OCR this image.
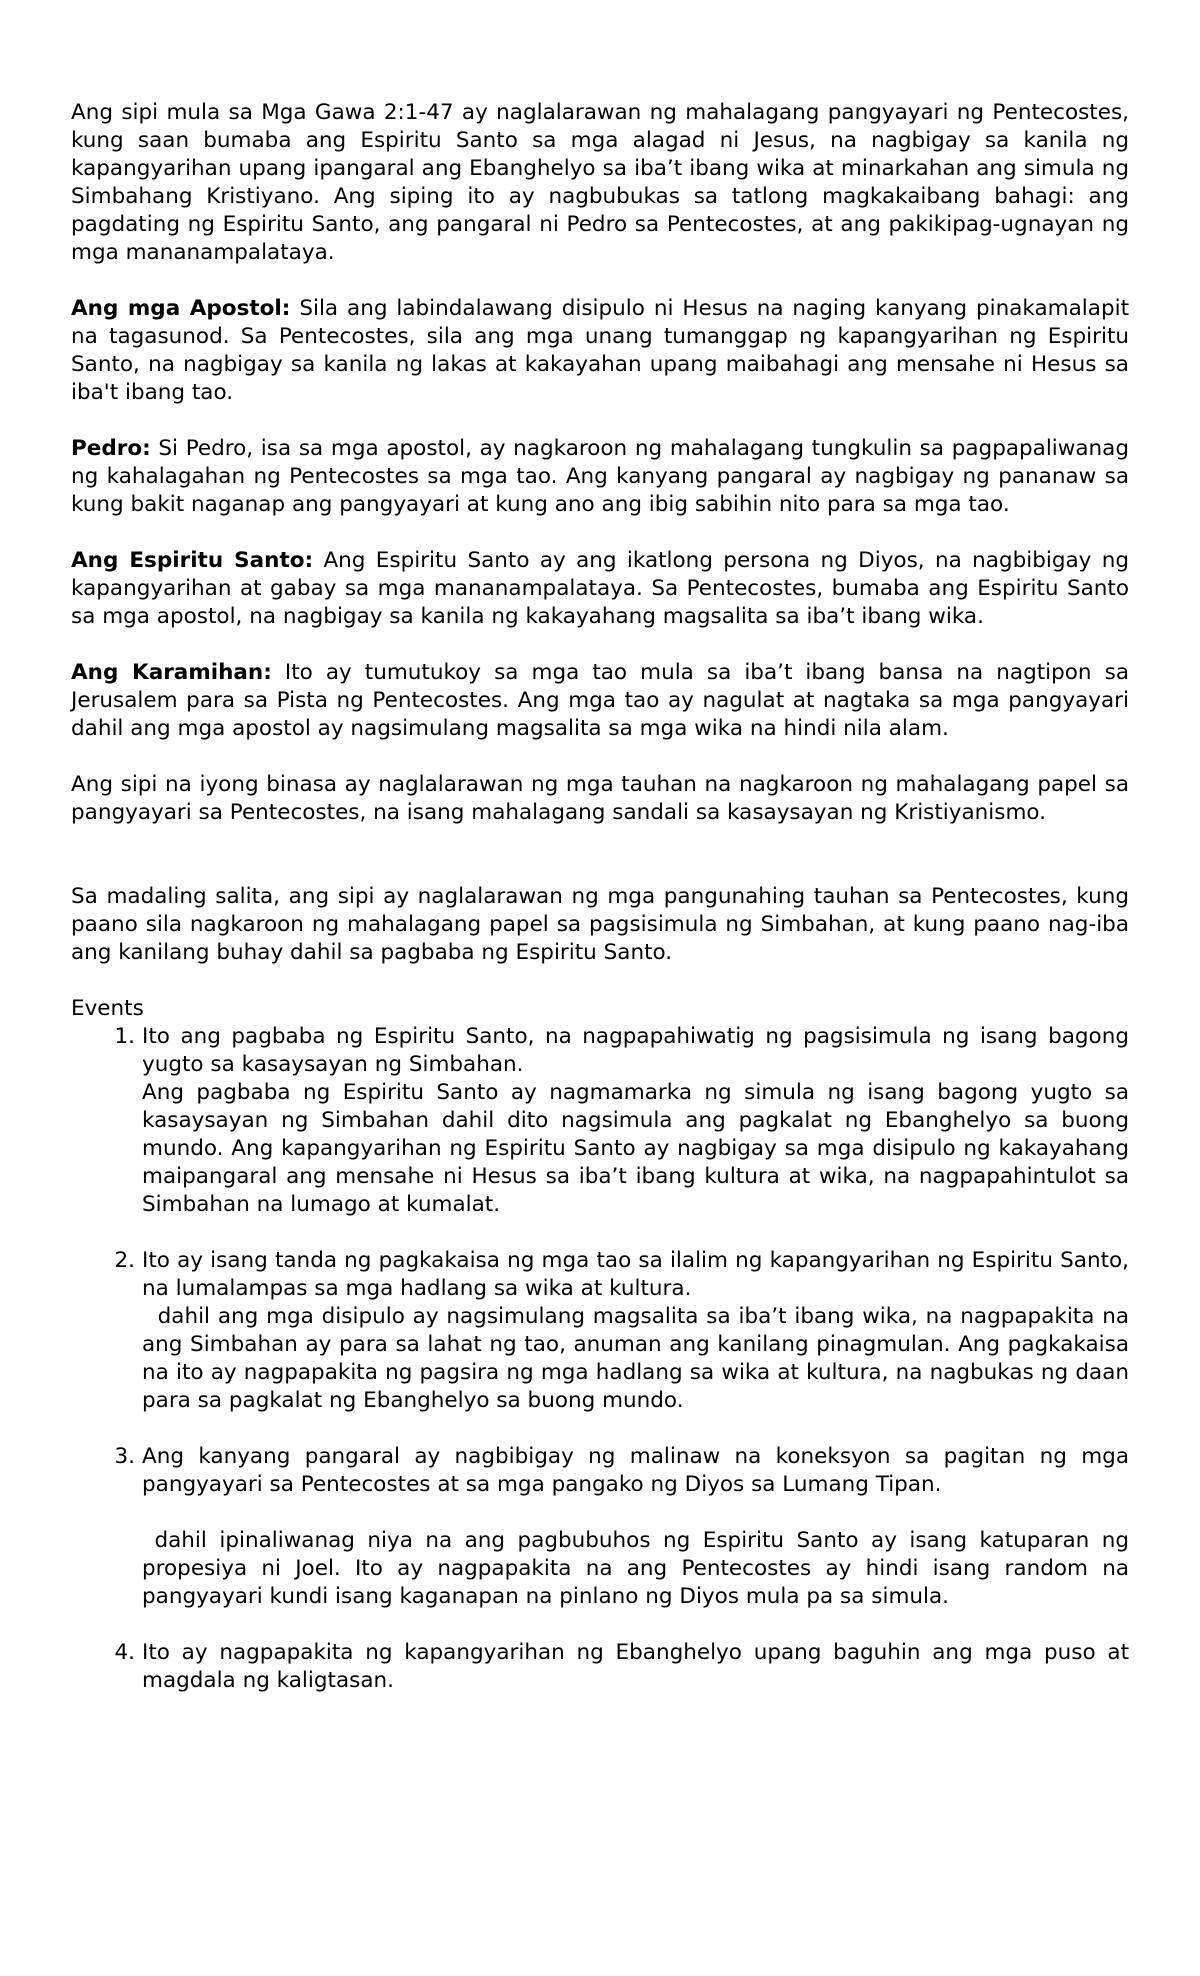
Ang sipi mula sa Mga Gawa 2:1-47 ay naglalarawan ng mahalagang pangyayari ng Pentecostes, kung saan bumaba ang Espiritu Santo sa mga alagad ni Jesus, na nagbigay sa kanila ng kapangyarihan upang ipangaral ang Ebanghelyo sa iba’t ibang wika at minarkahan ang simula ng Simbahang Kristiyano. Ang siping ito ay nagbubukas sa tatlong magkakaibang bahagi: ang pagdating ng Espiritu Santo, ang pangaral ni Pedro sa Pentecostes, at ang pakikipag-ugnayan ng mga mananampalataya.

Ang mga Apostol: Sila ang labindalawang disipulo ni Hesus na naging kanyang pinakamalapit na tagasunod. Sa Pentecostes, sila ang mga unang tumanggap ng kapangyarihan ng Espiritu Santo, na nagbigay sa kanila ng lakas at kakayahan upang maibahagi ang mensahe ni Hesus sa iba't ibang tao.

Pedro: Si Pedro, isa sa mga apostol, ay nagkaroon ng mahalagang tungkulin sa pagpapaliwanag ng kahalagahan ng Pentecostes sa mga tao. Ang kanyang pangaral ay nagbigay ng pananaw sa kung bakit naganap ang pangyayari at kung ano ang ibig sabihin nito para sa mga tao.

Ang Espiritu Santo: Ang Espiritu Santo ay ang ikatlong persona ng Diyos, na nagbibigay ng kapangyarihan at gabay sa mga mananampalataya. Sa Pentecostes, bumaba ang Espiritu Santo sa mga apostol, na nagbigay sa kanila ng kakayahang magsalita sa iba’t ibang wika.

Ang Karamihan: Ito ay tumutukoy sa mga tao mula sa iba’t ibang bansa na nagtipon sa Jerusalem para sa Pista ng Pentecostes. Ang mga tao ay nagulat at nagtaka sa mga pangyayari dahil ang mga apostol ay nagsimulang magsalita sa mga wika na hindi nila alam.

Ang sipi na iyong binasa ay naglalarawan ng mga tauhan na nagkaroon ng mahalagang papel sa pangyayari sa Pentecostes, na isang mahalagang sandali sa kasaysayan ng Kristiyanismo.

Sa madaling salita, ang sipi ay naglalarawan ng mga pangunahing tauhan sa Pentecostes, kung paano sila nagkaroon ng mahalagang papel sa pagsisimula ng Simbahan, at kung paano nag-iba ang kanilang buhay dahil sa pagbaba ng Espiritu Santo.

Events
1. Ito ang pagbaba ng Espiritu Santo, na nagpapahiwatig ng pagsisimula ng isang bagong yugto sa kasaysayan ng Simbahan.
Ang pagbaba ng Espiritu Santo ay nagmamarka ng simula ng isang bagong yugto sa kasaysayan ng Simbahan dahil dito nagsimula ang pagkalat ng Ebanghelyo sa buong mundo. Ang kapangyarihan ng Espiritu Santo ay nagbigay sa mga disipulo ng kakayahang maipangaral ang mensahe ni Hesus sa iba’t ibang kultura at wika, na nagpapahintulot sa Simbahan na lumago at kumalat.
2. Ito ay isang tanda ng pagkakaisa ng mga tao sa ilalim ng kapangyarihan ng Espiritu Santo, na lumalampas sa mga hadlang sa wika at kultura.
dahil ang mga disipulo ay nagsimulang magsalita sa iba’t ibang wika, na nagpapakita na ang Simbahan ay para sa lahat ng tao, anuman ang kanilang pinagmulan. Ang pagkakaisa na ito ay nagpapakita ng pagsira ng mga hadlang sa wika at kultura, na nagbukas ng daan para sa pagkalat ng Ebanghelyo sa buong mundo.
3. Ang kanyang pangaral ay nagbibigay ng malinaw na koneksyon sa pagitan ng mga pangyayari sa Pentecostes at sa mga pangako ng Diyos sa Lumang Tipan.
dahil ipinaliwanag niya na ang pagbubuhos ng Espiritu Santo ay isang katuparan ng propesiya ni Joel. Ito ay nagpapakita na ang Pentecostes ay hindi isang random na pangyayari kundi isang kaganapan na pinlano ng Diyos mula pa sa simula.
4. Ito ay nagpapakita ng kapangyarihan ng Ebanghelyo upang baguhin ang mga puso at magdala ng kaligtasan.
